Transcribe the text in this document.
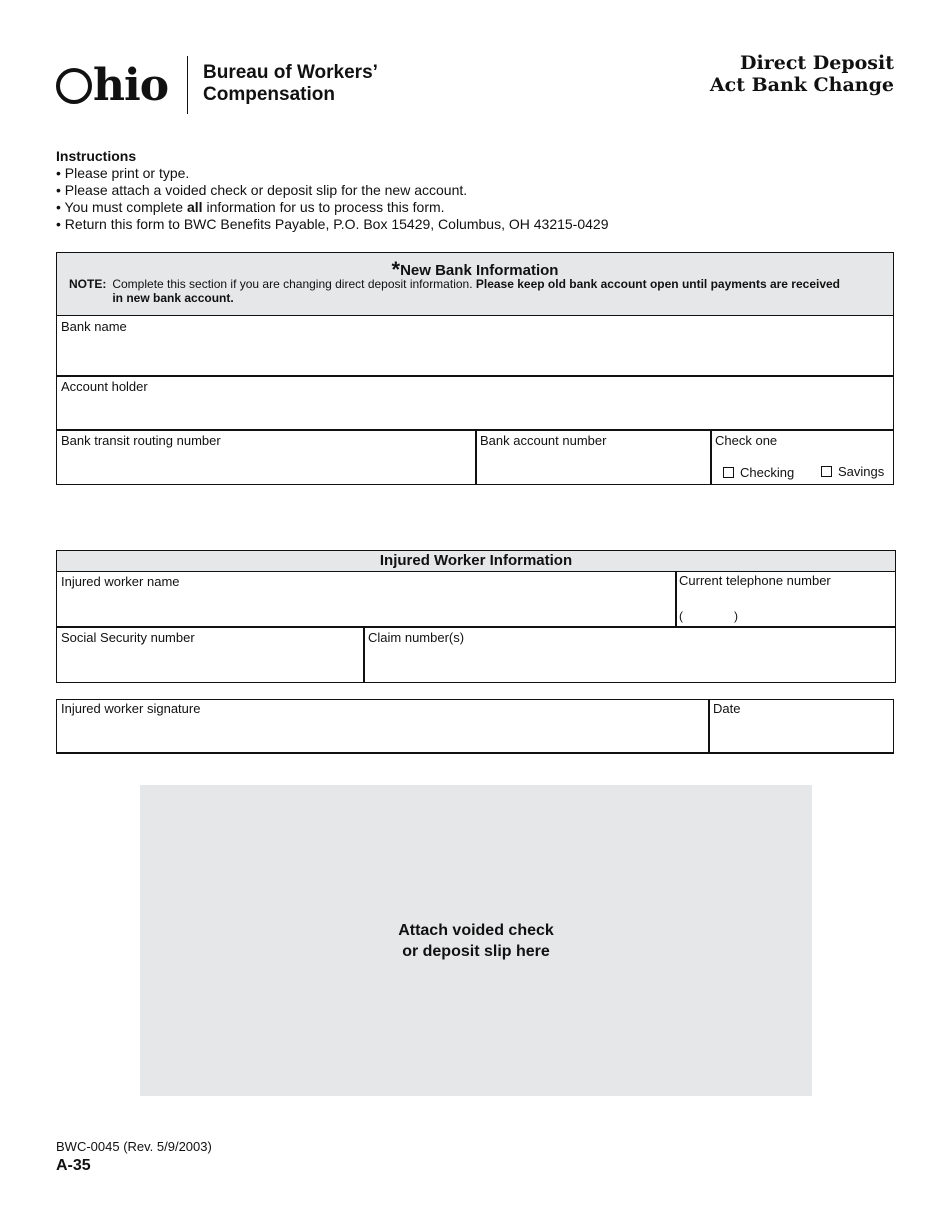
hio Bureau of Workers’
Compensation
Direct Deposit
Act Bank Change
Instructions
• Please print or type.
• Please attach a voided check or deposit slip for the new account.
• You must complete all information for us to process this form.
• Return this form to BWC Benefits Payable, P.O. Box 15429, Columbus, OH 43215-0429
*New Bank Information
NOTE: Complete this section if you are changing direct deposit information. Please keep old bank account open until payments are received in new bank account.
Bank name
Account holder
Bank transit routing number	Bank account number	Check one
Checking	Savings
Injured Worker Information
Injured worker name	Current telephone number
(	)
Social Security number	Claim number(s)
Injured worker signature	Date
Attach voided check
or deposit slip here
BWC-0045 (Rev. 5/9/2003)
A-35
